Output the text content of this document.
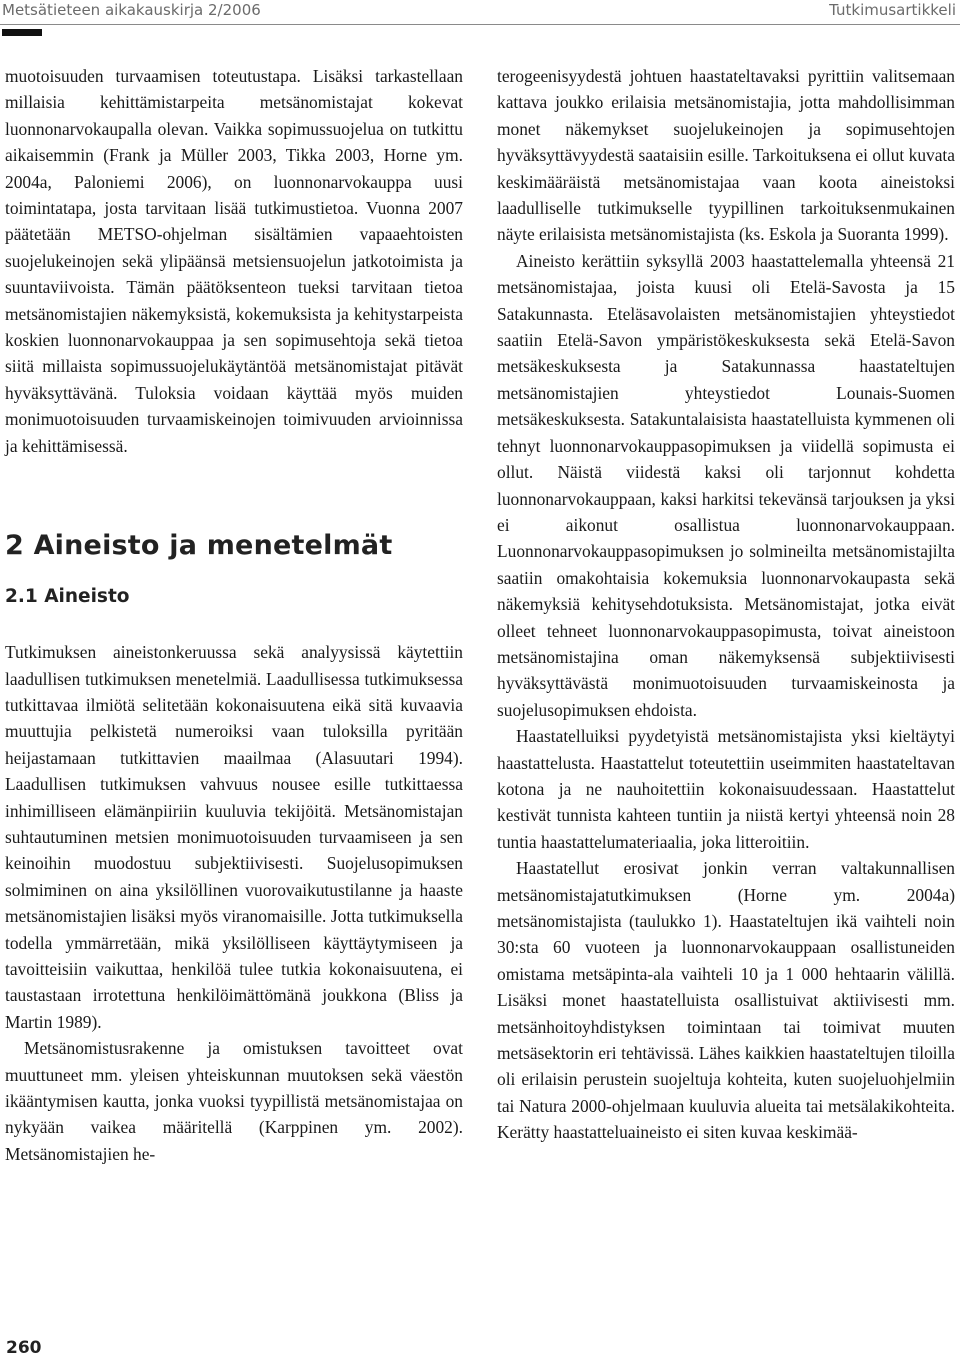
Metsätieteen aikakauskirja 2/2006	Tutkimusartikkeli

muotoisuuden turvaamisen toteutustapa. Lisäksi tarkastellaan millaisia kehittämistarpeita metsänomistajat kokevat luonnonarvokaupalla olevan. Vaikka sopimussuojelua on tutkittu aikaisemmin (Frank ja Müller 2003, Tikka 2003, Horne ym. 2004a, Paloniemi 2006), on luonnonarvokauppa uusi toimintatapa, josta tarvitaan lisää tutkimustietoa. Vuonna 2007 päätetään METSO-ohjelman sisältämien vapaaehtoisten suojelukeinojen sekä ylipäänsä metsiensuojelun jatkotoimista ja suuntaviivoista. Tämän päätöksenteon tueksi tarvitaan tietoa metsänomistajien näkemyksistä, kokemuksista ja kehitystarpeista koskien luonnonarvokauppaa ja sen sopimusehtoja sekä tietoa siitä millaista sopimussuojelukäytäntöä metsänomistajat pitävät hyväksyttävänä. Tuloksia voidaan käyttää myös muiden monimuotoisuuden turvaamiskeinojen toimivuuden arvioinnissa ja kehittämisessä.

2 Aineisto ja menetelmät
2.1 Aineisto

Tutkimuksen aineistonkeruussa sekä analyysissä käytettiin laadullisen tutkimuksen menetelmiä. Laadullisessa tutkimuksessa tutkittavaa ilmiötä selitetään kokonaisuutena eikä sitä kuvaavia muuttujia pelkistetä numeroiksi vaan tuloksilla pyritään heijastamaan tutkittavien maailmaa (Alasuutari 1994). Laadullisen tutkimuksen vahvuus nousee esille tutkittaessa inhimilliseen elämänpiiriin kuuluvia tekijöitä. Metsänomistajan suhtautuminen metsien monimuotoisuuden turvaamiseen ja sen keinoihin muodostuu subjektiivisesti. Suojelusopimuksen solmiminen on aina yksilöllinen vuorovaikutustilanne ja haaste metsänomistajien lisäksi myös viranomaisille. Jotta tutkimuksella todella ymmärretään, mikä yksilölliseen käyttäytymiseen ja tavoitteisiin vaikuttaa, henkilöä tulee tutkia kokonaisuutena, ei taustastaan irrotettuna henkilöimättömänä joukkona (Bliss ja Martin 1989).

Metsänomistusrakenne ja omistuksen tavoitteet ovat muuttuneet mm. yleisen yhteiskunnan muutoksen sekä väestön ikääntymisen kautta, jonka vuoksi tyypillistä metsänomistajaa on nykyään vaikea määritellä (Karppinen ym. 2002). Metsänomistajien he-

terogeenisyydestä johtuen haastateltavaksi pyrittiin valitsemaan kattava joukko erilaisia metsänomistajia, jotta mahdollisimman monet näkemykset suojelukeinojen ja sopimusehtojen hyväksyttävyydestä saataisiin esille. Tarkoituksena ei ollut kuvata keskimääräistä metsänomistajaa vaan koota aineistoksi laadulliselle tutkimukselle tyypillinen tarkoituksenmukainen näyte erilaisista metsänomistajista (ks. Eskola ja Suoranta 1999).

Aineisto kerättiin syksyllä 2003 haastattelemalla yhteensä 21 metsänomistajaa, joista kuusi oli Etelä-Savosta ja 15 Satakunnasta. Eteläsavolaisten metsänomistajien yhteystiedot saatiin Etelä-Savon ympäristökeskuksesta sekä Etelä-Savon metsäkeskuksesta ja Satakunnassa haastateltujen metsänomistajien yhteystiedot Lounais-Suomen metsäkeskuksesta. Satakuntalaisista haastatelluista kymmenen oli tehnyt luonnonarvokauppasopimuksen ja viidellä sopimusta ei ollut. Näistä viidestä kaksi oli tarjonnut kohdetta luonnonarvokauppaan, kaksi harkitsi tekevänsä tarjouksen ja yksi ei aikonut osallistua luonnonarvokauppaan. Luonnonarvokauppasopimuksen jo solmineilta metsänomistajilta saatiin omakohtaisia kokemuksia luonnonarvokaupasta sekä näkemyksiä kehitysehdotuksista. Metsänomistajat, jotka eivät olleet tehneet luonnonarvokauppasopimusta, toivat aineistoon metsänomistajina oman näkemyksensä subjektiivisesti hyväksyttävästä monimuotoisuuden turvaamiskeinosta ja suojelusopimuksen ehdoista.

Haastatelluiksi pyydetyistä metsänomistajista yksi kieltäytyi haastattelusta. Haastattelut toteutettiin useimmiten haastateltavan kotona ja ne nauhoitettiin kokonaisuudessaan. Haastattelut kestivät tunnista kahteen tuntiin ja niistä kertyi yhteensä noin 28 tuntia haastattelumateriaalia, joka litteroitiin.

Haastatellut erosivat jonkin verran valtakunnallisen metsänomistajatutkimuksen (Horne ym. 2004a) metsänomistajista (taulukko 1). Haastateltujen ikä vaihteli noin 30:sta 60 vuoteen ja luonnonarvokauppaan osallistuneiden omistama metsäpinta-ala vaihteli 10 ja 1 000 hehtaarin välillä. Lisäksi monet haastatelluista osallistuivat aktiivisesti mm. metsänhoitoyhdistyksen toimintaan tai toimivat muuten metsäsektorin eri tehtävissä. Lähes kaikkien haastateltujen tiloilla oli erilaisin perustein suojeltuja kohteita, kuten suojeluohjelmiin tai Natura 2000-ohjelmaan kuuluvia alueita tai metsälakikohteita. Kerätty haastatteluaineisto ei siten kuvaa keskimää-

260
